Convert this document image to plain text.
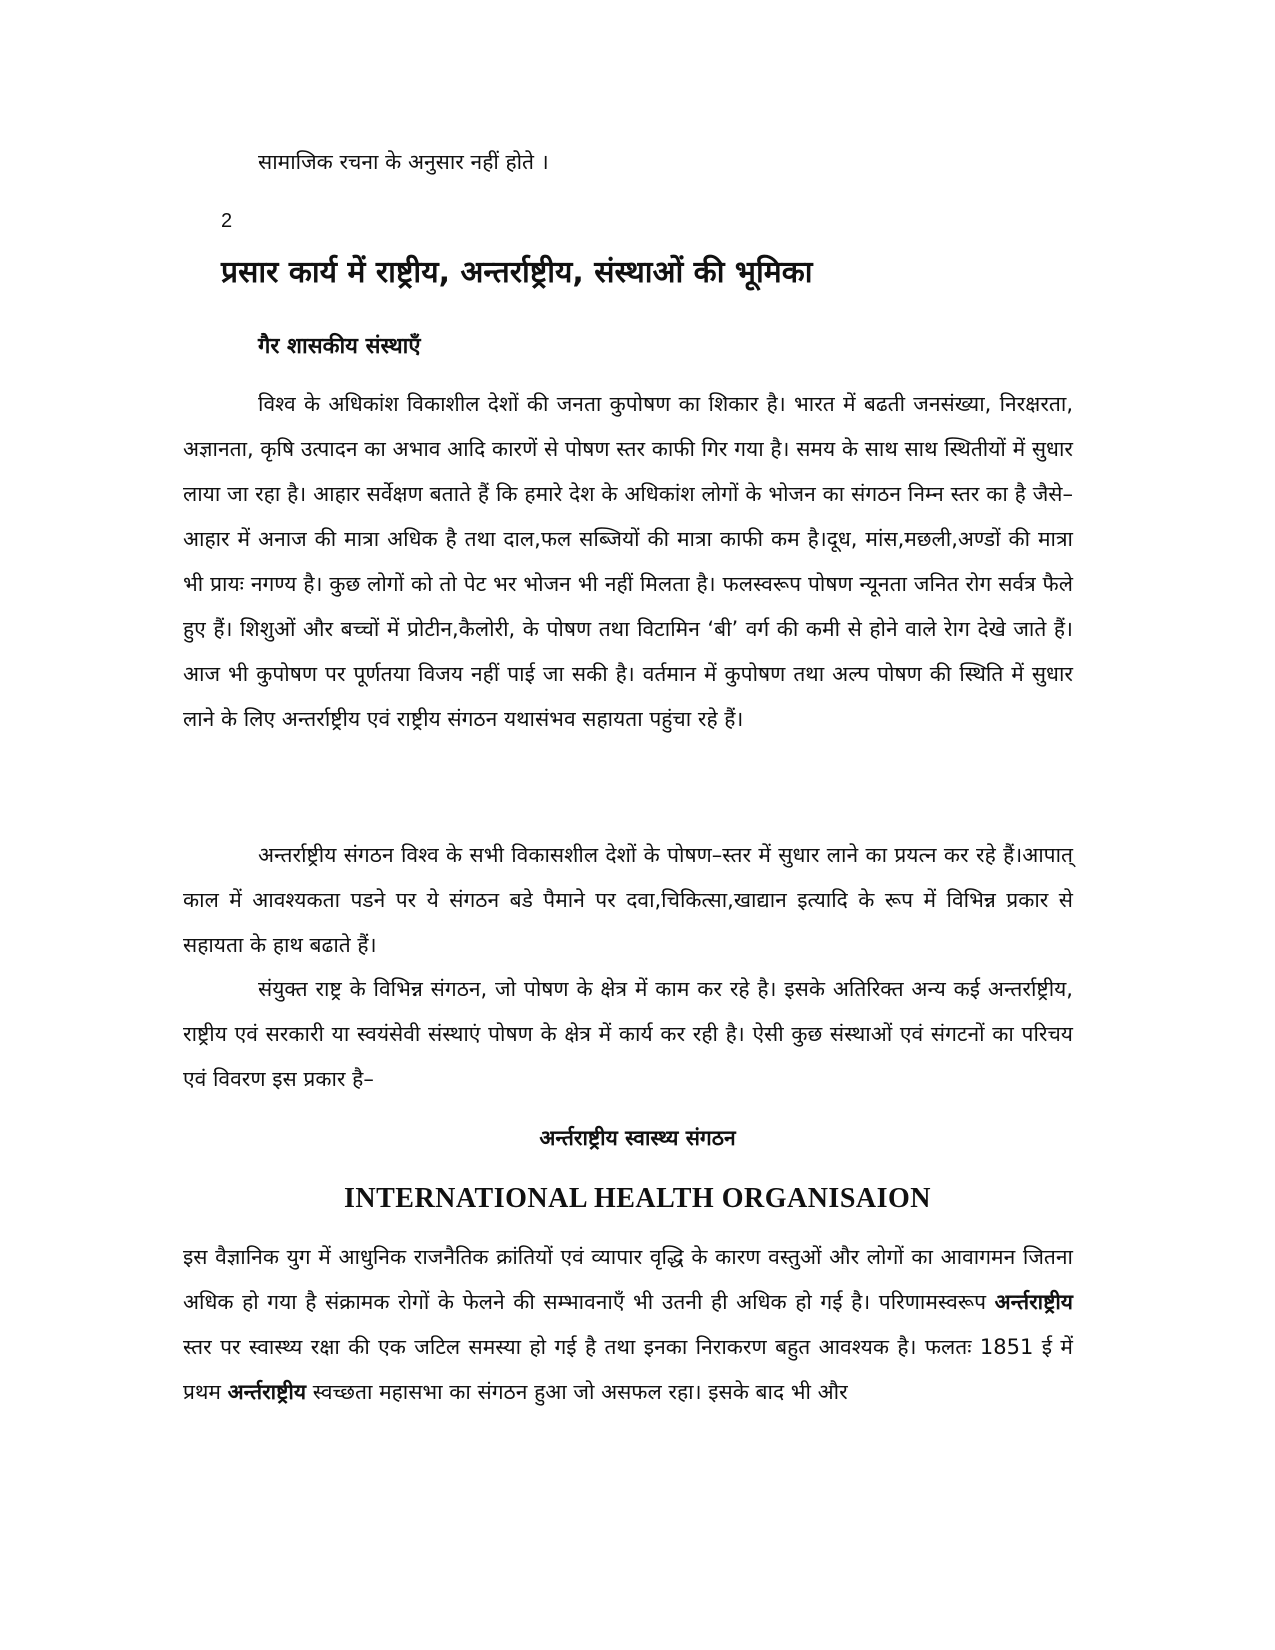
सामाजिक रचना के अनुसार नहीं होते ।
2
प्रसार कार्य में राष्ट्रीय, अन्तर्राष्ट्रीय, संस्थाओं की भूमिका
गैर शासकीय संस्थाएँ

विश्व के अधिकांश विकाशील देशों की जनता कुपोषण का शिकार है। भारत में बढती जनसंख्या, निरक्षरता, अज्ञानता, कृषि उत्पादन का अभाव आदि कारणें से पोषण स्तर काफी गिर गया है। समय के साथ साथ स्थितीयों में सुधार लाया जा रहा है। आहार सर्वेक्षण बताते हैं कि हमारे देश के अधिकांश लोगों के भोजन का संगठन निम्न स्तर का है जैसे–आहार में अनाज की मात्रा अधिक है तथा दाल,फल सब्जियों की मात्रा काफी कम है।दूध, मांस,मछली,अण्डों की मात्रा भी प्रायः नगण्य है। कुछ लोगों को तो पेट भर भोजन भी नहीं मिलता है। फलस्वरूप पोषण न्यूनता जनित रोग सर्वत्र फैले हुए हैं। शिशुओं और बच्चों में प्रोटीन,कैलोरी, के पोषण तथा विटामिन ‘बी’ वर्ग की कमी से होने वाले रेाग देखे जाते हैं। आज भी कुपोषण पर पूर्णतया विजय नहीं पाई जा सकी है। वर्तमान में कुपोषण तथा अल्प पोषण की स्थिति में सुधार लाने के लिए अन्तर्राष्ट्रीय एवं राष्ट्रीय संगठन यथासंभव सहायता पहुंचा रहे हैं।

अन्तर्राष्ट्रीय संगठन विश्व के सभी विकासशील देशों के पोषण–स्तर में सुधार लाने का प्रयत्न कर रहे हैं।आपात् काल में आवश्यकता पडने पर ये संगठन बडे पैमाने पर दवा,चिकित्सा,खाद्यान इत्यादि के रूप में विभिन्न प्रकार से सहायता के हाथ बढाते हैं।

संयुक्त राष्ट्र के विभिन्न संगठन, जो पोषण के क्षेत्र में काम कर रहे है। इसके अतिरिक्त अन्य कई अन्तर्राष्ट्रीय, राष्ट्रीय एवं सरकारी या स्वयंसेवी संस्थाएं पोषण के क्षेत्र में कार्य कर रही है। ऐसी कुछ संस्थाओं एवं संगटनों का परिचय एवं विवरण इस प्रकार है–

अर्न्तराष्ट्रीय स्वास्थ्य संगठन
INTERNATIONAL HEALTH ORGANISAION

इस वैज्ञानिक युग में आधुनिक राजनैतिक क्रांतियों एवं व्यापार वृद्धि के कारण वस्तुओं और लोगों का आवागमन जितना अधिक हो गया है संक्रामक रोगों के फेलने की सम्भावनाएँ भी उतनी ही अधिक हो गई है। परिणामस्वरूप अर्न्तराष्ट्रीय स्तर पर स्वास्थ्य रक्षा की एक जटिल समस्या हो गई है तथा इनका निराकरण बहुत आवश्यक है। फलतः 1851 ई में प्रथम अर्न्तराष्ट्रीय स्वच्छता महासभा का संगठन हुआ जो असफल रहा। इसके बाद भी और
